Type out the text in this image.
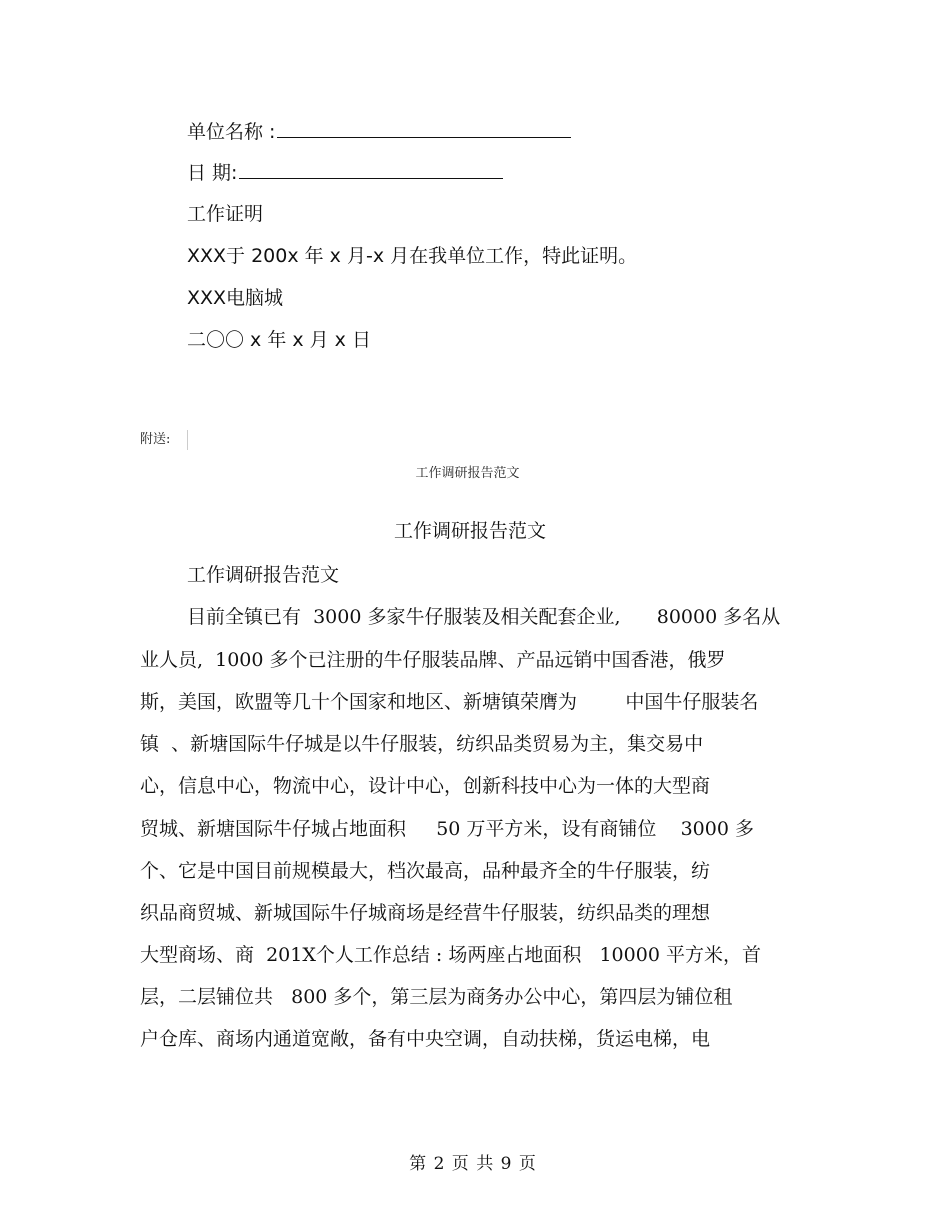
单位名称 :
日 期:
工作证明
XXX于 200x 年 x 月-x 月在我单位工作，特此证明。
XXX电脑城
二〇〇 x 年 x 月 x 日
附送:
工作调研报告范文
工作调研报告范文
工作调研报告范文
目前全镇已有  3000 多家牛仔服装及相关配套企业,      80000 多名从
业人员,  1000 多个已注册的牛仔服装品牌、产品远销中国香港，俄罗
斯，美国，欧盟等几十个国家和地区、新塘镇荣膺为        中国牛仔服装名
镇  、新塘国际牛仔城是以牛仔服装，纺织品类贸易为主，集交易中
心，信息中心，物流中心，设计中心，创新科技中心为一体的大型商
贸城、新塘国际牛仔城占地面积     50 万平方米，设有商铺位    3000 多
个、它是中国目前规模最大，档次最高，品种最齐全的牛仔服装，纺
织品商贸城、新城国际牛仔城商场是经营牛仔服装，纺织品类的理想
大型商场、商  201X个人工作总结 : 场两座占地面积   10000 平方米，首
层，二层铺位共   800 多个，第三层为商务办公中心，第四层为铺位租
户仓库、商场内通道宽敞，备有中央空调，自动扶梯，货运电梯，电
第 2 页 共 9 页
